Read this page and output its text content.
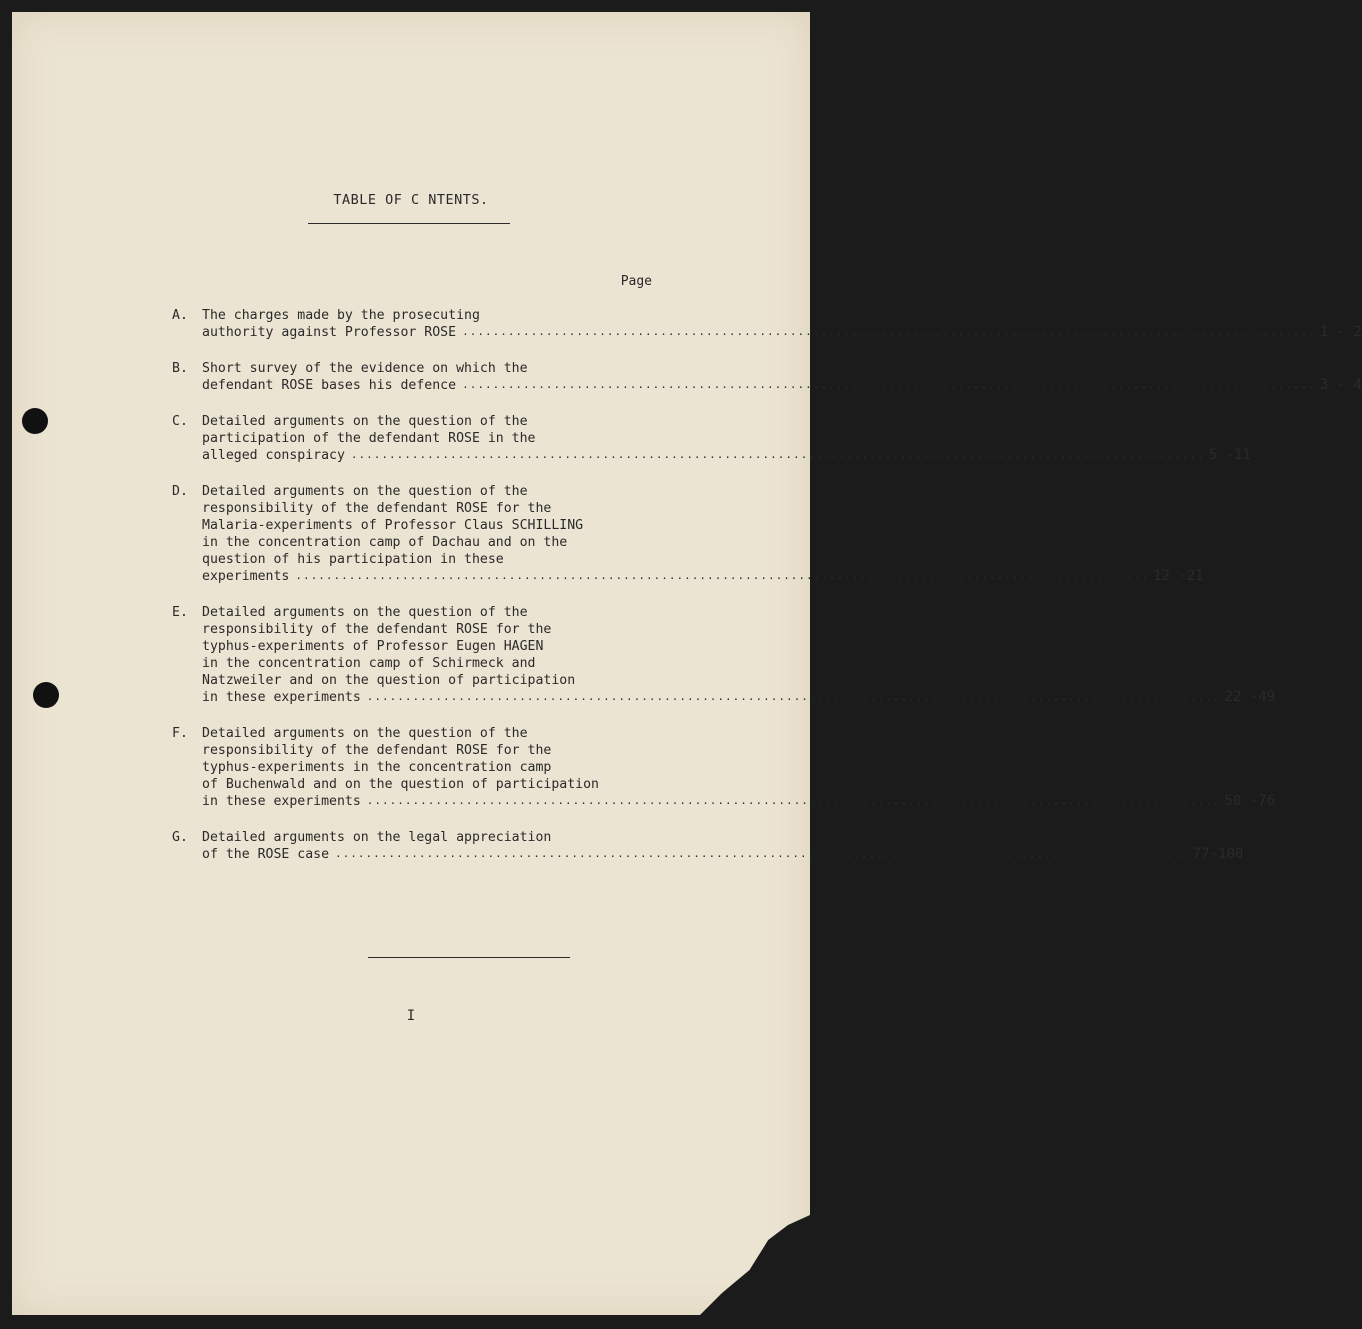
TABLE OF C NTENTS.
Page
A.	The charges made by the prosecuting
authority against Professor ROSE .....	1 - 2
B.	Short survey of the evidence on which the
defendant ROSE bases his defence .....	3 - 4
C.	Detailed arguments on the question of the
participation of the defendant ROSE in the
alleged conspiracy .....	5 -11
D.	Detailed arguments on the question of the
responsibility of the defendant ROSE for the
Malaria-experiments of Professor Claus SCHILLING
in the concentration camp of Dachau and on the
question of his participation in these
experiments .....	12 -21
E.	Detailed arguments on the question of the
responsibility of the defendant ROSE for the
typhus-experiments of Professor Eugen HAGEN
in the concentration camp of Schirmeck and
Natzweiler and on the question of participation
in these experiments .....	22 -49
F.	Detailed arguments on the question of the
responsibility of the defendant ROSE for the
typhus-experiments in the concentration camp
of Buchenwald and on the question of participation
in these experiments .....	50 -76
G.	Detailed arguments on the legal appreciation
of the ROSE case .....	77-100
I
